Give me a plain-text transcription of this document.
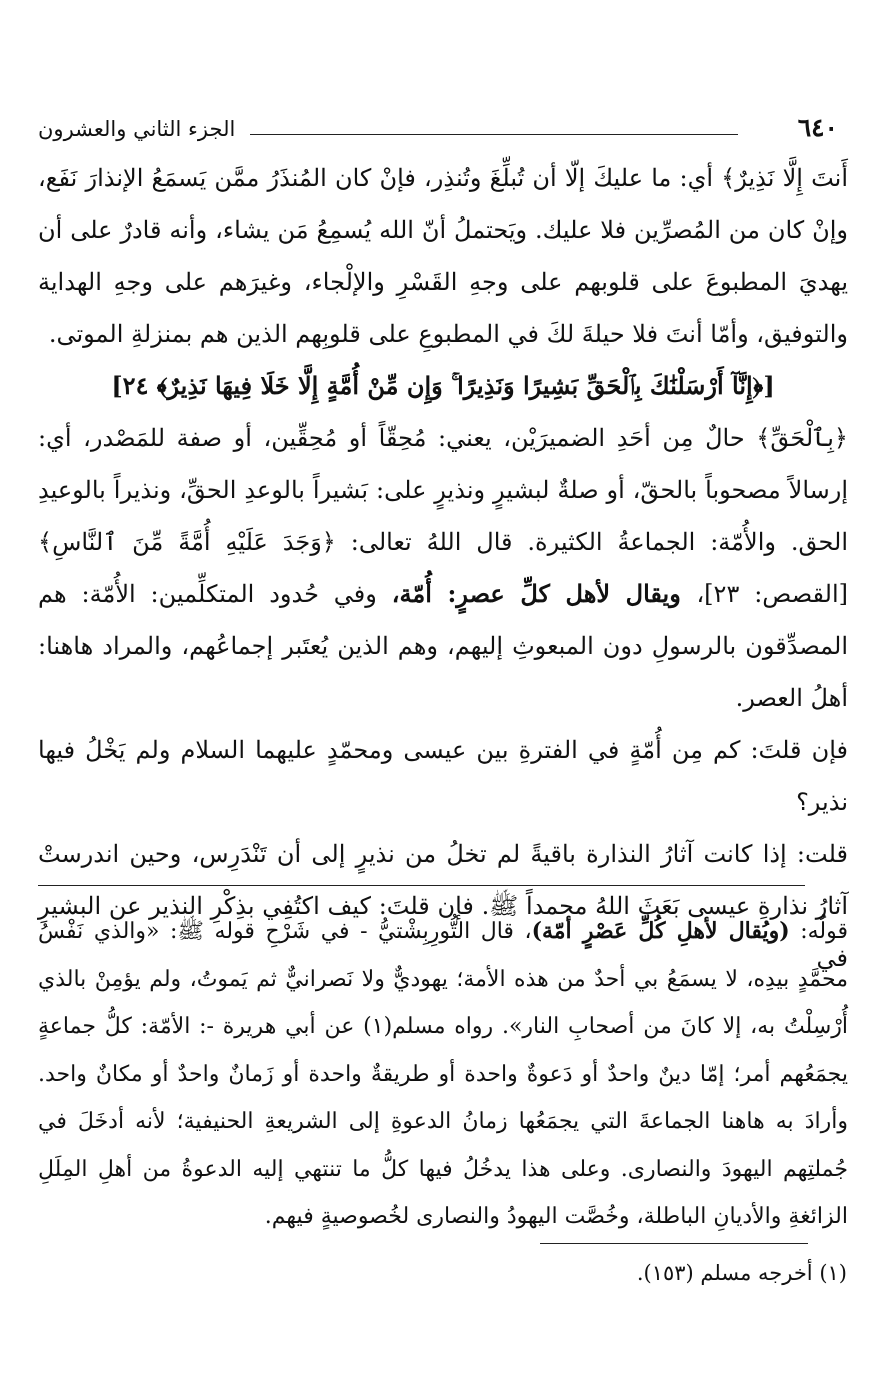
٦٤٠
الجزء الثاني والعشرون

أَنتَ إِلَّا نَذِيرٌ﴾ أي: ما عليكَ إلّا أن تُبلِّغَ وتُنذِر، فإنْ كان المُنذَرُ ممَّن يَسمَعُ الإنذارَ نَفَع، وإنْ كان من المُصرِّين فلا عليك. ويَحتملُ أنّ الله يُسمِعُ مَن يشاء، وأنه قادرٌ على أن يهديَ المطبوعَ على قلوبهم على وجهِ القَسْرِ والإلْجاء، وغيرَهم على وجهِ الهداية والتوفيق، وأمّا أنتَ فلا حيلةَ لكَ في المطبوعِ على قلوبِهم الذين هم بمنزلةِ الموتى.

[﴿إِنَّآ أَرْسَلْنَٰكَ بِٱلْحَقِّ بَشِيرًا وَنَذِيرًا ۚ وَإِن مِّنْ أُمَّةٍ إِلَّا خَلَا فِيهَا نَذِيرٌ﴾ ٢٤]

﴿بِٱلْحَقِّ﴾ حالٌ مِن أحَدِ الضميرَيْن، يعني: مُحِقّاً أو مُحِقِّين، أو صفة للمَصْدر، أي: إرسالاً مصحوباً بالحقّ، أو صلةٌ لبشيرٍ ونذيرٍ على: بَشيراً بالوعدِ الحقِّ، ونذيراً بالوعيدِ الحق. والأُمّة: الجماعةُ الكثيرة. قال اللهُ تعالى: ﴿وَجَدَ عَلَيْهِ أُمَّةً مِّنَ ٱلنَّاسِ﴾ [القصص: ٢٣]، ويقال لأهل كلِّ عصرٍ: أُمّة، وفي حُدود المتكلِّمين: الأُمّة: هم المصدِّقون بالرسولِ دون المبعوثِ إليهم، وهم الذين يُعتَبر إجماعُهم، والمراد هاهنا: أهلُ العصر.

فإن قلتَ: كم مِن أُمّةٍ في الفترةِ بين عيسى ومحمّدٍ عليهما السلام ولم يَخْلُ فيها نذير؟

قلت: إذا كانت آثارُ النذارة باقيةً لم تخلُ من نذيرٍ إلى أن تَنْدَرِس، وحين اندرستْ آثارُ نذارةِ عيسى بَعَثَ اللهُ محمداً ﷺ. فإن قلتَ: كيف اكتُفِي بذِكْرِ النذير عن البشيرِ في

قولُه: (ويُقال لأهلِ كُلِّ عَصْرٍ أمّة)، قال التُّورِبِشْتيُّ - في شَرْحِ قوله ﷺ: «والذي نَفْسُ محمَّدٍ بيدِه، لا يسمَعُ بي أحدٌ من هذه الأمة؛ يهوديٌّ ولا نَصرانيٌّ ثم يَموتُ، ولم يؤمِنْ بالذي أُرْسِلْتُ به، إلا كانَ من أصحابِ النار». رواه مسلم(١) عن أبي هريرة -: الأمّة: كلُّ جماعةٍ يجمَعُهم أمر؛ إمّا دينٌ واحدٌ أو دَعوةٌ واحدة أو طريقةٌ واحدة أو زَمانٌ واحدٌ أو مكانٌ واحد. وأرادَ به هاهنا الجماعةَ التي يجمَعُها زمانُ الدعوةِ إلى الشريعةِ الحنيفية؛ لأنه أدخَلَ في جُملتِهم اليهودَ والنصارى. وعلى هذا يدخُلُ فيها كلُّ ما تنتهي إليه الدعوةُ من أهلِ المِلَلِ الزائغةِ والأديانِ الباطلة، وخُصَّت اليهودُ والنصارى لخُصوصيةٍ فيهم.

(١) أخرجه مسلم (١٥٣).
